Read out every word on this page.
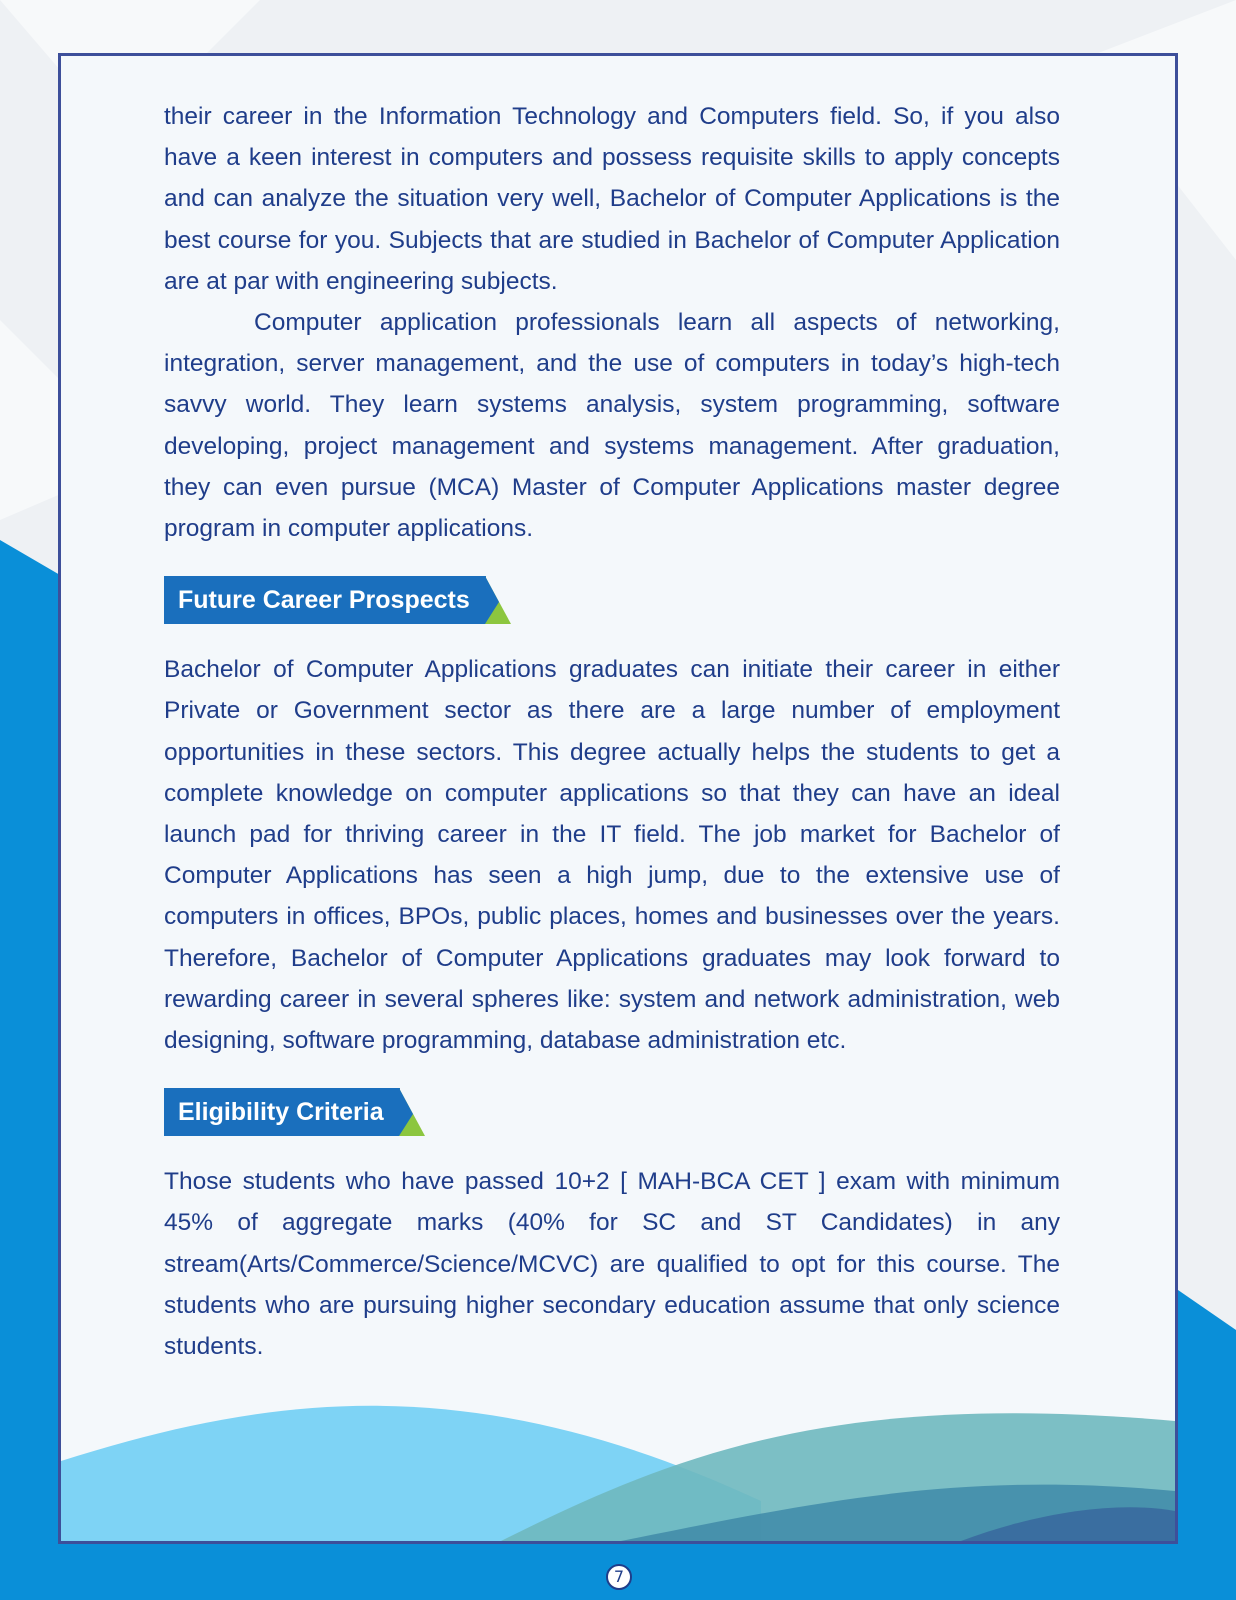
their career in the Information Technology and Computers field. So, if you also have a keen interest in computers and possess requisite skills to apply concepts and can analyze the situation very well, Bachelor of Computer Applications is the best course for you. Subjects that are studied in Bachelor of Computer Application are at par with engineering subjects.

Computer application professionals learn all aspects of networking, integration, server management, and the use of computers in today’s high-tech savvy world. They learn systems analysis, system programming, software developing, project management and systems management. After graduation, they can even pursue (MCA) Master of Computer Applications master degree program in computer applications.

Future Career Prospects

Bachelor of Computer Applications graduates can initiate their career in either Private or Government sector as there are a large number of employment opportunities in these sectors. This degree actually helps the students to get a complete knowledge on computer applications so that they can have an ideal launch pad for thriving career in the IT field. The job market for Bachelor of Computer Applications has seen a high jump, due to the extensive use of computers in offices, BPOs, public places, homes and businesses over the years. Therefore, Bachelor of Computer Applications graduates may look forward to rewarding career in several spheres like: system and network administration, web designing, software programming, database administration etc.

Eligibility Criteria

Those students who have passed 10+2 [ MAH-BCA CET ] exam with minimum 45% of aggregate marks (40% for SC and ST Candidates) in any stream(Arts/Commerce/Science/MCVC) are qualified to opt for this course. The students who are pursuing higher secondary education assume that only science students.

7
